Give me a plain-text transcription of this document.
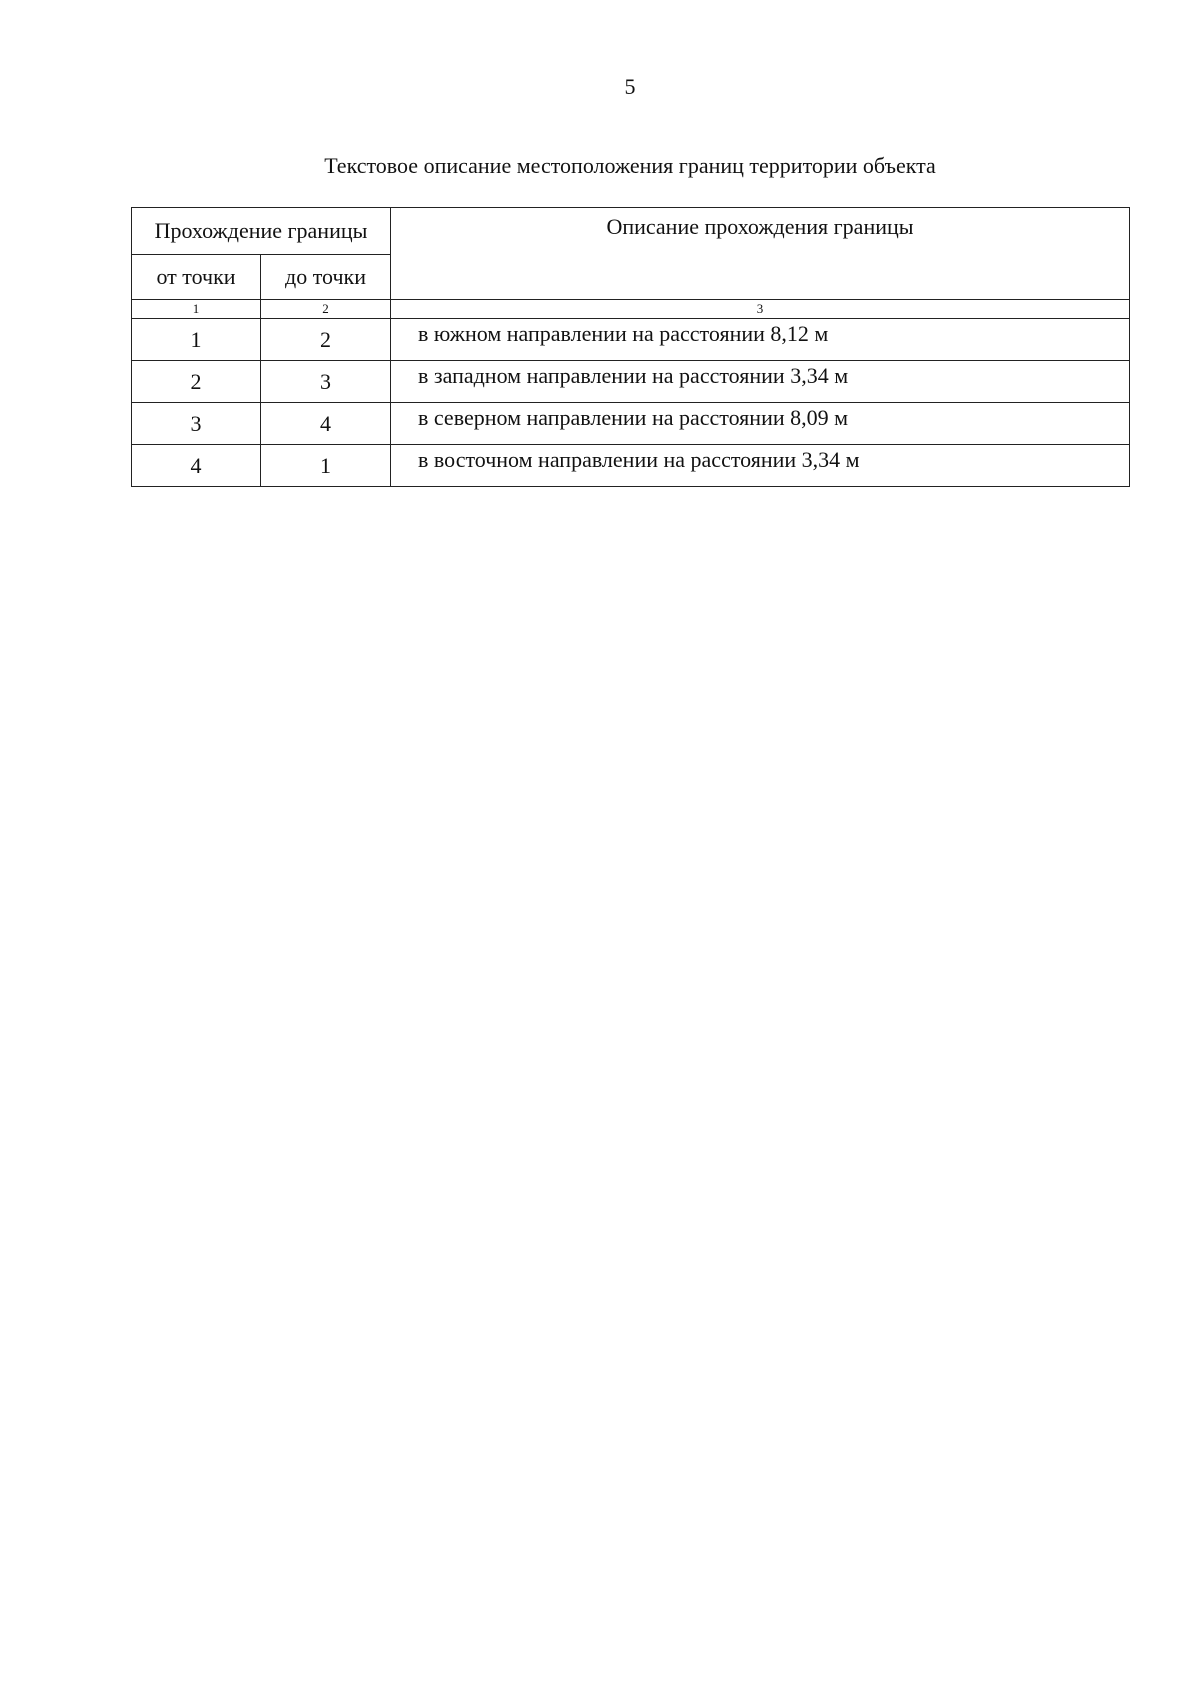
5
Текстовое описание местоположения границ территории объекта
Прохождение границы		Описание прохождения границы
от точки	до точки	
1	2	3
1	2	в южном направлении на расстоянии 8,12 м
2	3	в западном направлении на расстоянии 3,34 м
3	4	в северном направлении на расстоянии 8,09 м
4	1	в восточном направлении на расстоянии 3,34 м
